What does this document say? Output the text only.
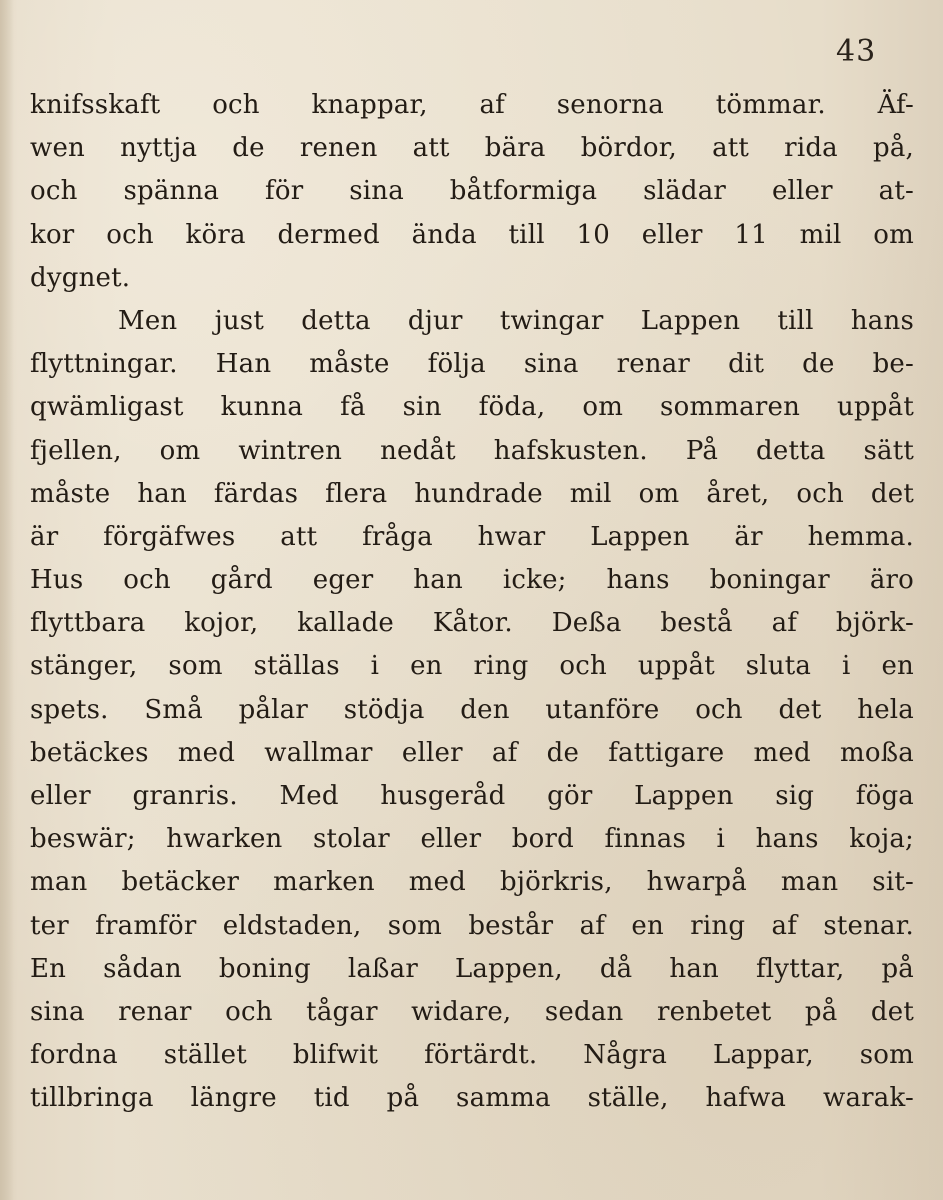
43
knifsskaft och knappar, af senorna tömmar. Äf-
wen nyttja de renen att bära bördor, att rida på,
och spänna för sina båtformiga slädar eller at-
kor och köra dermed ända till 10 eller 11 mil om
dygnet.
Men just detta djur twingar Lappen till hans
flyttningar. Han måste följa sina renar dit de be-
qwämligast kunna få sin föda, om sommaren uppåt
fjellen, om wintren nedåt hafskusten. På detta sätt
måste han färdas flera hundrade mil om året, och det
är förgäfwes att fråga hwar Lappen är hemma.
Hus och gård eger han icke; hans boningar äro
flyttbara kojor, kallade Kåtor. Deßa bestå af björk-
stänger, som ställas i en ring och uppåt sluta i en
spets. Små pålar stödja den utanföre och det hela
betäckes med wallmar eller af de fattigare med moßa
eller granris. Med husgeråd gör Lappen sig föga
beswär; hwarken stolar eller bord finnas i hans koja;
man betäcker marken med björkris, hwarpå man sit-
ter framför eldstaden, som består af en ring af stenar.
En sådan boning laßar Lappen, då han flyttar, på
sina renar och tågar widare, sedan renbetet på det
fordna stället blifwit förtärdt. Några Lappar, som
tillbringa längre tid på samma ställe, hafwa warak-
